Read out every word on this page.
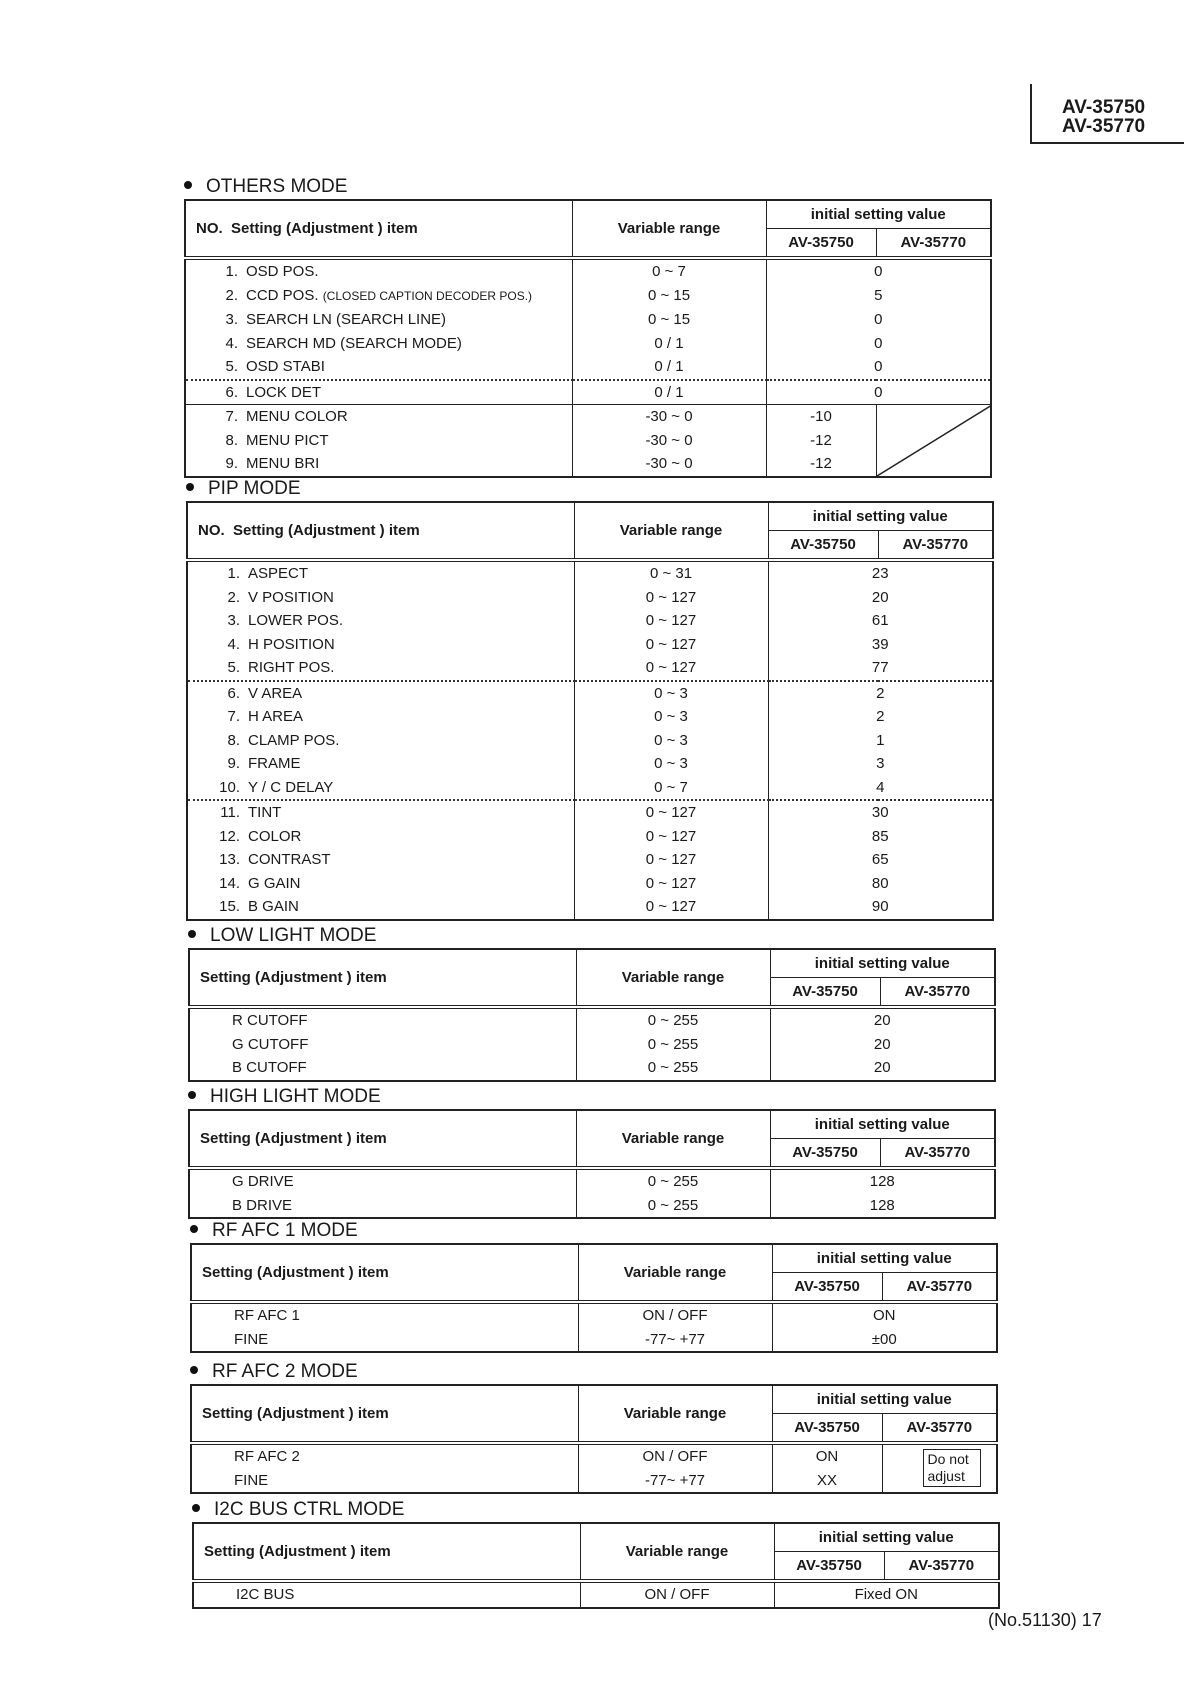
AV-35750
AV-35770
OTHERS MODE
NO. Setting (Adjustment ) item	Variable range	initial setting value	
		AV-35750	AV-35770
1. OSD POS.	0 ~ 7	0	
2. CCD POS. (CLOSED CAPTION DECODER POS.)	0 ~ 15	5	
3. SEARCH LN (SEARCH LINE)	0 ~ 15	0	
4. SEARCH MD (SEARCH MODE)	0 / 1	0	
5. OSD STABI	0 / 1	0	
6. LOCK DET	0 / 1	0	
7. MENU COLOR	-30 ~ 0	-10	

8. MENU PICT	-30 ~ 0	-12	
9. MENU BRI	-30 ~ 0	-12	
PIP MODE
NO. Setting (Adjustment ) item	Variable range	initial setting value	
		AV-35750	AV-35770
1. ASPECT	0 ~ 31	23	
2. V POSITION	0 ~ 127	20	
3. LOWER POS.	0 ~ 127	61	
4. H POSITION	0 ~ 127	39	
5. RIGHT POS.	0 ~ 127	77	
6. V AREA	0 ~ 3	2	
7. H AREA	0 ~ 3	2	
8. CLAMP POS.	0 ~ 3	1	
9. FRAME	0 ~ 3	3	
10. Y / C DELAY	0 ~ 7	4	
11. TINT	0 ~ 127	30	
12. COLOR	0 ~ 127	85	
13. CONTRAST	0 ~ 127	65	
14. G GAIN	0 ~ 127	80	
15. B GAIN	0 ~ 127	90	
LOW LIGHT MODE
Setting (Adjustment ) item	Variable range	initial setting value	
		AV-35750	AV-35770
R CUTOFF	0 ~ 255	20	
G CUTOFF	0 ~ 255	20	
B CUTOFF	0 ~ 255	20	
HIGH LIGHT MODE
Setting (Adjustment ) item	Variable range	initial setting value	
		AV-35750	AV-35770
G DRIVE	0 ~ 255	128	
B DRIVE	0 ~ 255	128	
RF AFC 1 MODE
Setting (Adjustment ) item	Variable range	initial setting value	
		AV-35750	AV-35770
RF AFC 1	ON / OFF	ON	
FINE	-77~ +77	±00	
RF AFC 2 MODE
Setting (Adjustment ) item	Variable range	initial setting value	
		AV-35750	AV-35770
RF AFC 2	ON / OFF	ON	Do not adjust
FINE	-77~ +77	XX	
I2C BUS CTRL MODE
Setting (Adjustment ) item	Variable range	initial setting value	
		AV-35750	AV-35770
I2C BUS	ON / OFF	Fixed ON	
(No.51130) 17
